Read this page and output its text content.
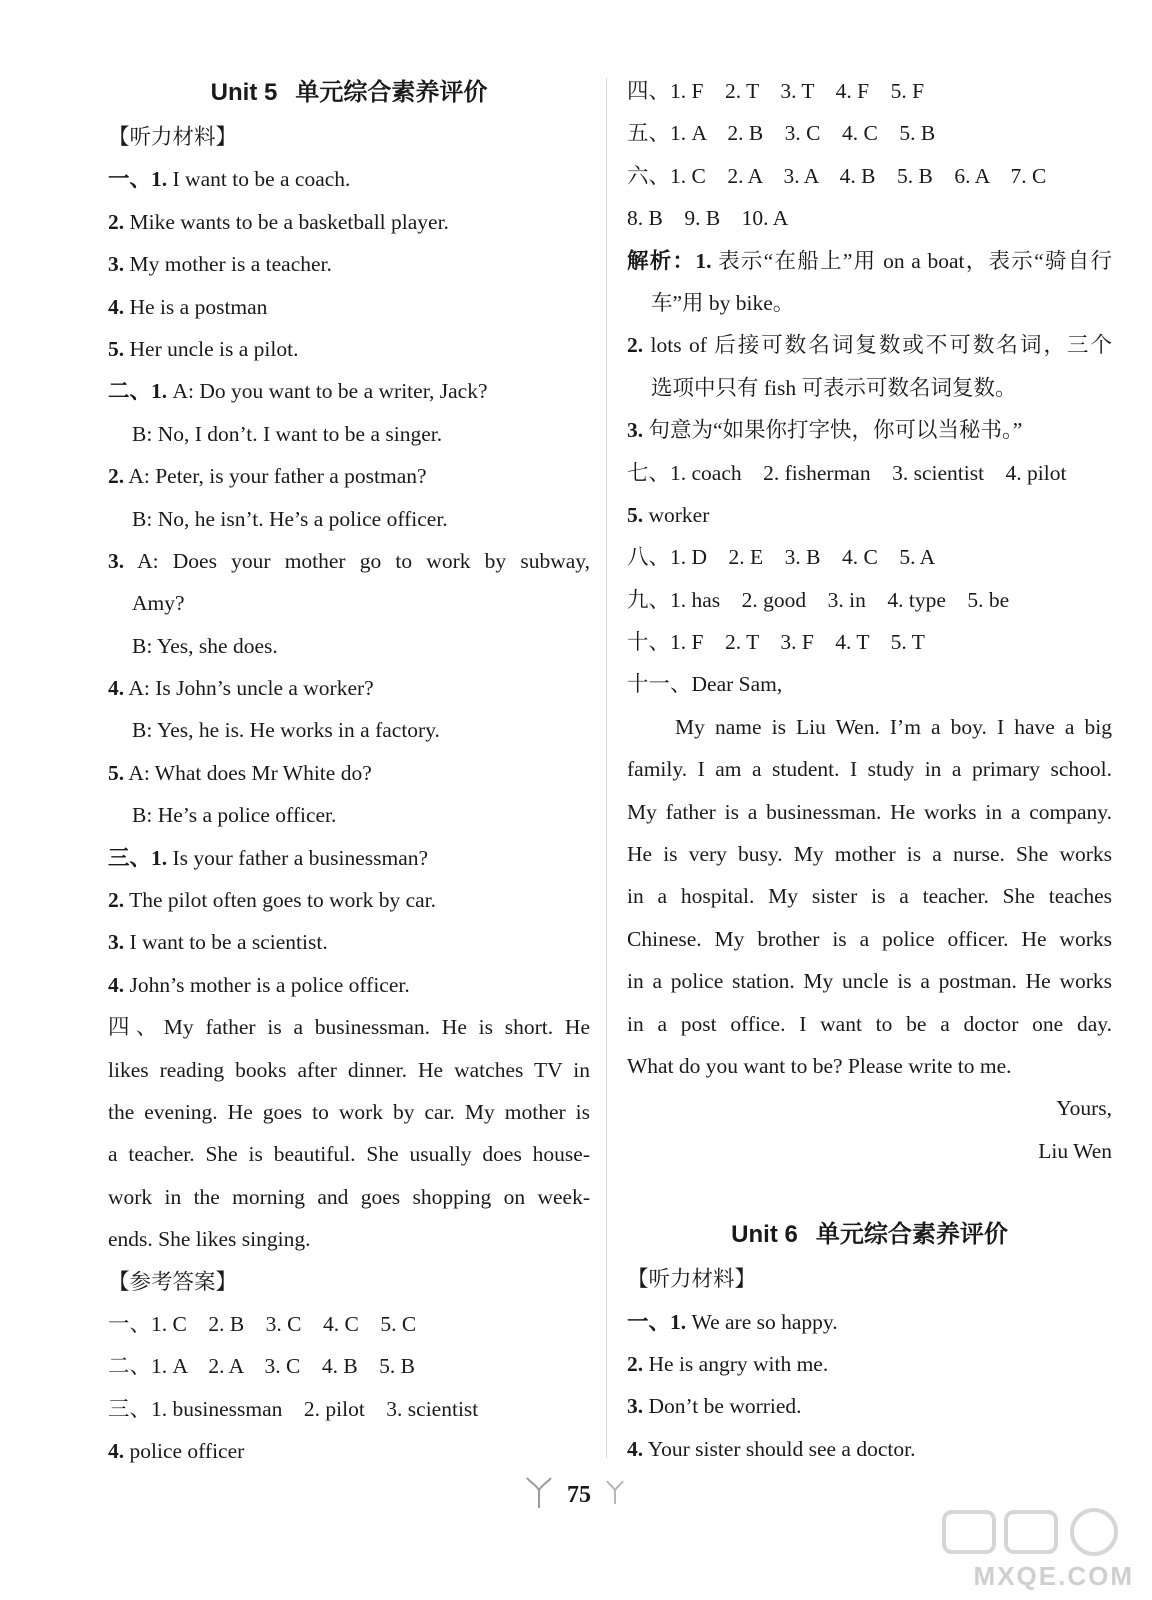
Unit 5 单元综合素养评价
【听力材料】
一、1. I want to be a coach.
2. Mike wants to be a basketball player.
3. My mother is a teacher.
4. He is a postman
5. Her uncle is a pilot.
二、1. A: Do you want to be a writer, Jack?
B: No, I don’t. I want to be a singer.
2. A: Peter, is your father a postman?
B: No, he isn’t. He’s a police officer.
3. A: Does your mother go to work by subway,
Amy?
B: Yes, she does.
4. A: Is John’s uncle a worker?
B: Yes, he is. He works in a factory.
5. A: What does Mr White do?
B: He’s a police officer.
三、1. Is your father a businessman?
2. The pilot often goes to work by car.
3. I want to be a scientist.
4. John’s mother is a police officer.
四、My father is a businessman. He is short. He
likes reading books after dinner. He watches TV in
the evening. He goes to work by car. My mother is
a teacher. She is beautiful. She usually does house-
work in the morning and goes shopping on week-
ends. She likes singing.
【参考答案】
一、1. C　2. B　3. C　4. C　5. C
二、1. A　2. A　3. C　4. B　5. B
三、1. businessman　2. pilot　3. scientist
4. police officer
四、1. F　2. T　3. T　4. F　5. F
五、1. A　2. B　3. C　4. C　5. B
六、1. C　2. A　3. A　4. B　5. B　6. A　7. C
8. B　9. B　10. A
解析：1. 表示“在船上”用 on a boat，表示“骑自行
车”用 by bike。
2. lots of 后接可数名词复数或不可数名词，三个
选项中只有 fish 可表示可数名词复数。
3. 句意为“如果你打字快，你可以当秘书。”
七、1. coach　2. fisherman　3. scientist　4. pilot
5. worker
八、1. D　2. E　3. B　4. C　5. A
九、1. has　2. good　3. in　4. type　5. be
十、1. F　2. T　3. F　4. T　5. T
十一、Dear Sam,
My name is Liu Wen. I’m a boy. I have a big
family. I am a student. I study in a primary school.
My father is a businessman. He works in a company.
He is very busy. My mother is a nurse. She works
in a hospital. My sister is a teacher. She teaches
Chinese. My brother is a police officer. He works
in a police station. My uncle is a postman. He works
in a post office. I want to be a doctor one day.
What do you want to be? Please write to me.
Yours,
Liu Wen
Unit 6 单元综合素养评价
【听力材料】
一、1. We are so happy.
2. He is angry with me.
3. Don’t be worried.
4. Your sister should see a doctor.
75
MXQE.COM
